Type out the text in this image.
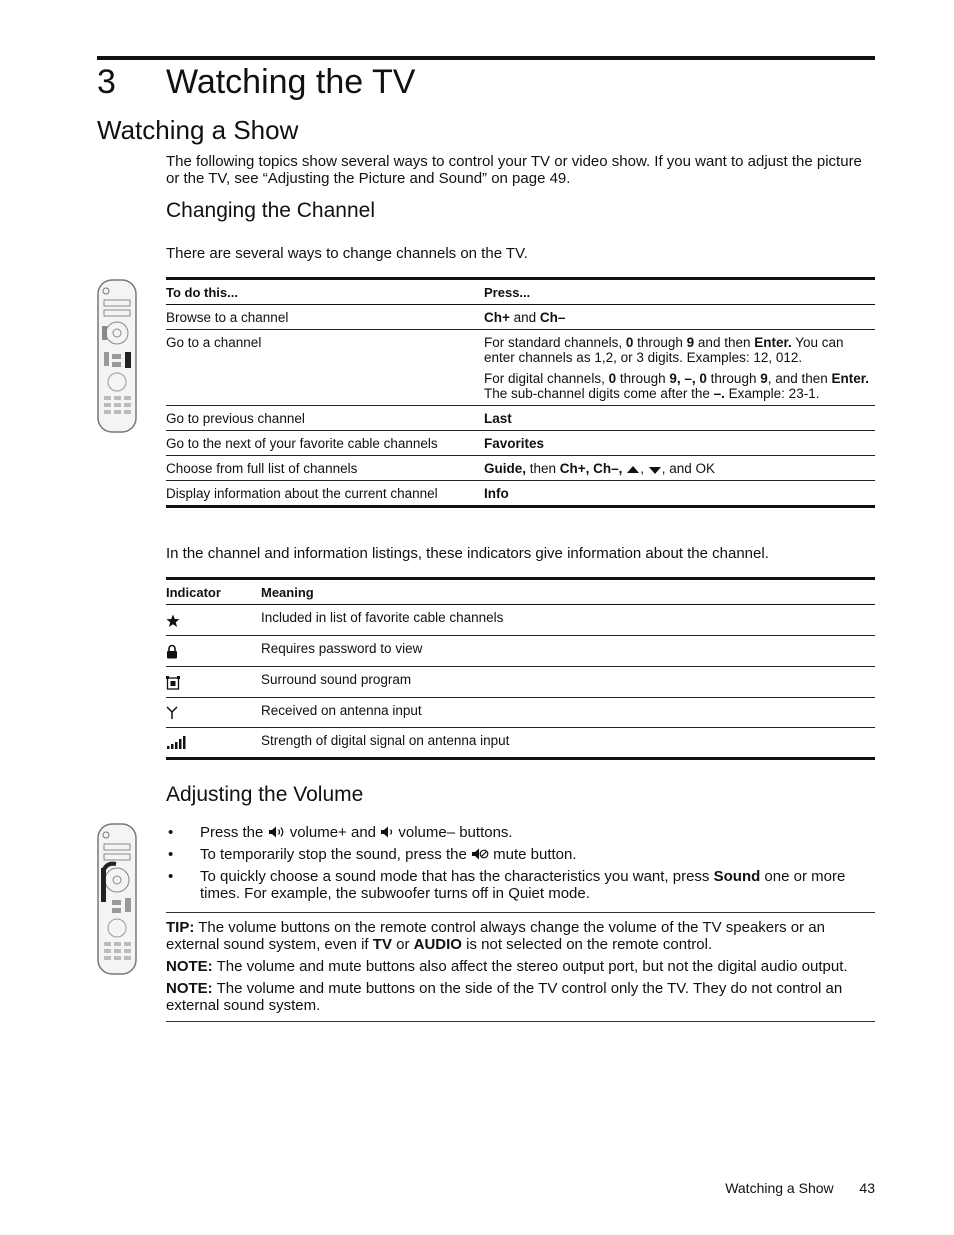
3 Watching the TV
Watching a Show
The following topics show several ways to control your TV or video show. If you want to adjust the picture or the TV, see “Adjusting the Picture and Sound” on page 49.
Changing the Channel
There are several ways to change channels on the TV.
To do this...	Press...
Browse to a channel	Ch+ and Ch–
Go to a channel	For standard channels, 0 through 9 and then Enter. You can enter channels as 1,2, or 3 digits. Examples: 12, 012.

For digital channels, 0 through 9, –, 0 through 9, and then Enter. The sub-channel digits come after the –. Example: 23-1.

Go to previous channel	Last
Go to the next of your favorite cable channels	Favorites
Choose from full list of channels	Guide, then Ch+, Ch–, , , and OK
Display information about the current channel	Info
In the channel and information listings, these indicators give information about the channel.
Indicator	Meaning
	Included in list of favorite cable channels
	Requires password to view
	Surround sound program
	Received on antenna input
	Strength of digital signal on antenna input
Adjusting the Volume
• Press the  volume+ and  volume– buttons.
• To temporarily stop the sound, press the  mute button.
• To quickly choose a sound mode that has the characteristics you want, press Sound one or more times. For example, the subwoofer turns off in Quiet mode.

TIP: The volume buttons on the remote control always change the volume of the TV speakers or an external sound system, even if TV or AUDIO is not selected on the remote control.

NOTE: The volume and mute buttons also affect the stereo output port, but not the digital audio output.

NOTE: The volume and mute buttons on the side of the TV control only the TV. They do not control an external sound system.

Watching a Show 43
